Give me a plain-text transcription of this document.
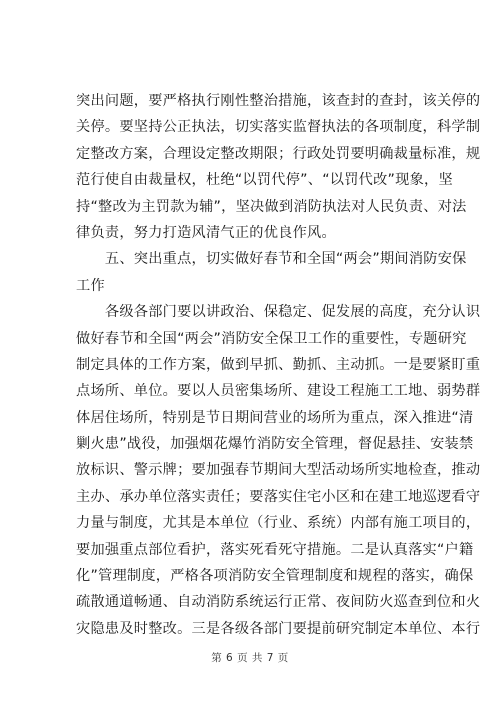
突出问题，要严格执行刚性整治措施，该查封的查封，该关停的
关停。要坚持公正执法，切实落实监督执法的各项制度，科学制
定整改方案，合理设定整改期限；行政处罚要明确裁量标准，规
范行使自由裁量权，杜绝“以罚代停”、“以罚代改”现象，坚
持“整改为主罚款为辅”，坚决做到消防执法对人民负责、对法
律负责，努力打造风清气正的优良作风。
　　五、突出重点，切实做好春节和全国“两会”期间消防安保
工作
　　各级各部门要以讲政治、保稳定、促发展的高度，充分认识
做好春节和全国“两会”消防安全保卫工作的重要性，专题研究
制定具体的工作方案，做到早抓、勤抓、主动抓。一是要紧盯重
点场所、单位。要以人员密集场所、建设工程施工工地、弱势群
体居住场所，特别是节日期间营业的场所为重点，深入推进“清
剿火患”战役，加强烟花爆竹消防安全管理，督促悬挂、安装禁
放标识、警示牌；要加强春节期间大型活动场所实地检查，推动
主办、承办单位落实责任；要落实住宅小区和在建工地巡逻看守
力量与制度，尤其是本单位（行业、系统）内部有施工项目的，
要加强重点部位看护，落实死看死守措施。二是认真落实“户籍
化”管理制度，严格各项消防安全管理制度和规程的落实，确保
疏散通道畅通、自动消防系统运行正常、夜间防火巡查到位和火
灾隐患及时整改。三是各级各部门要提前研究制定本单位、本行
第 6 页 共 7 页
